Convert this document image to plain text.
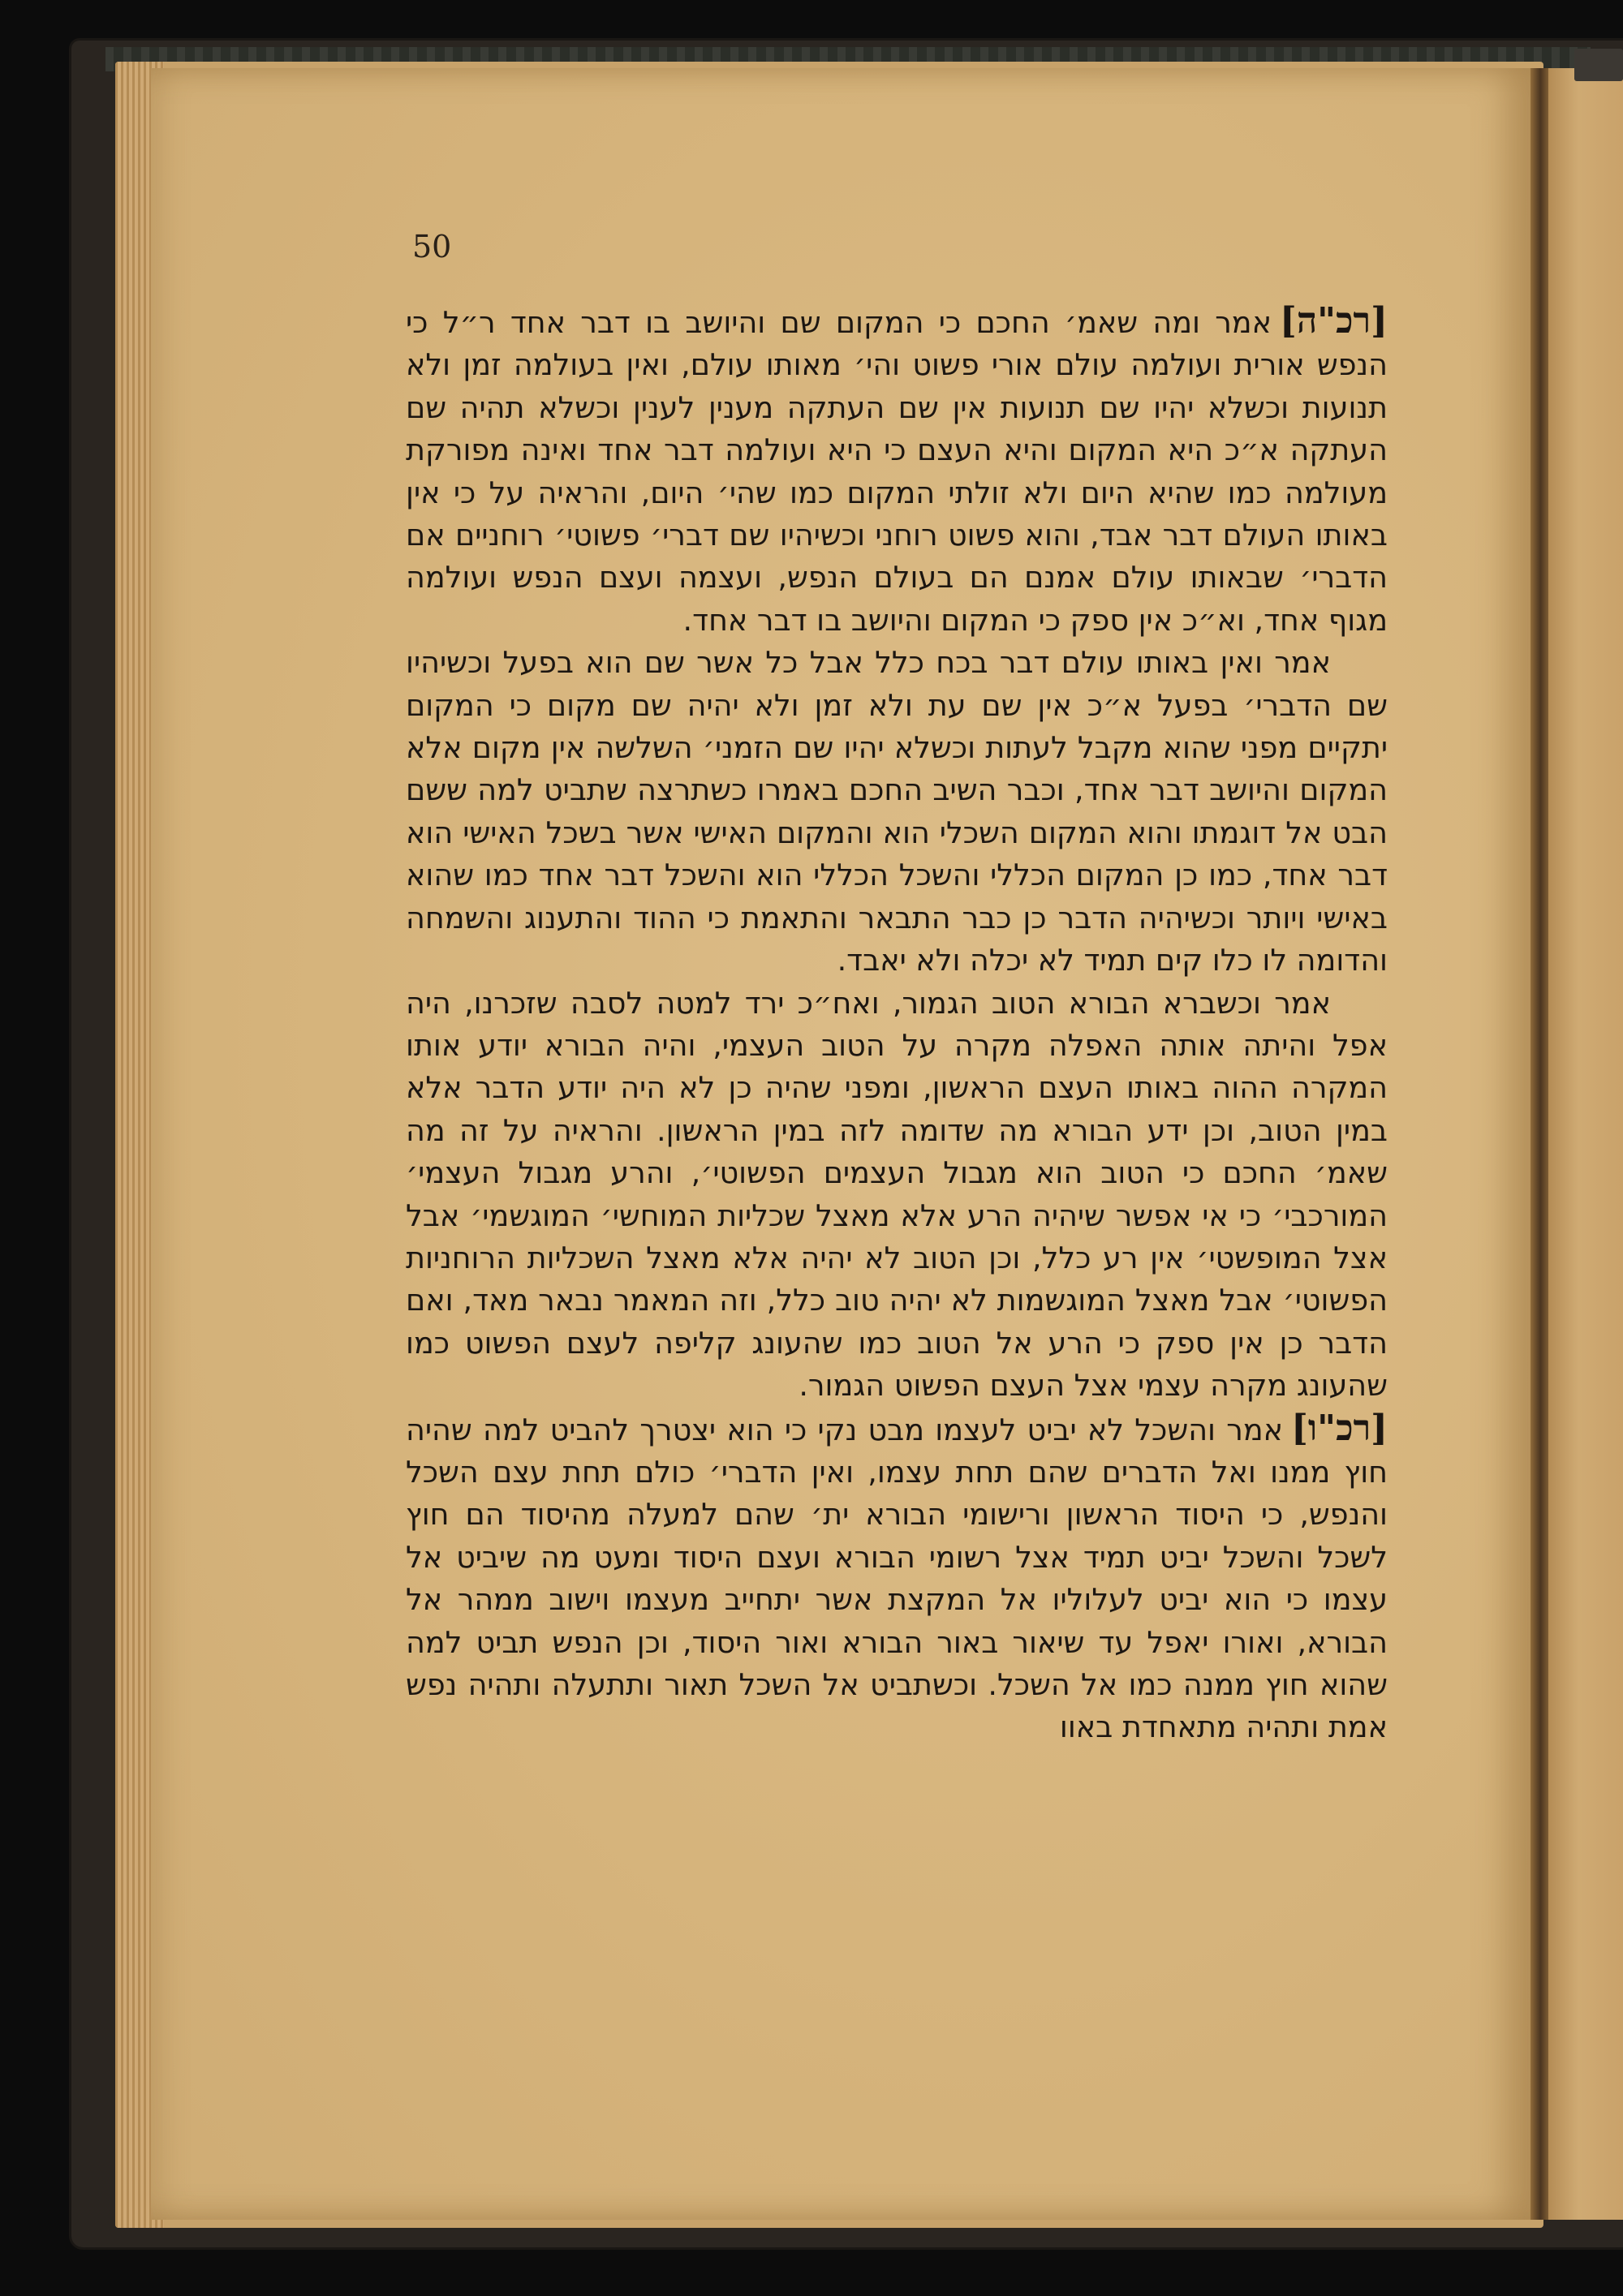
50

[רכ"ה]אמר ומה שאמ׳ החכם כי המקום שם והיושב בו דבר אחד ר״ל כי הנפש אורית ועולמה עולם אורי פשוט והי׳ מאותו עולם, ואין בעולמה זמן ולא תנועות וכשלא יהיו שם תנועות אין שם העתקה מענין לענין וכשלא תהיה שם העתקה א״כ היא המקום והיא העצם כי היא ועולמה דבר אחד ואינה מפורקת מעולמה כמו שהיא היום ולא זולתי המקום כמו שהי׳ היום, והראיה על כי אין באותו העולם דבר אבד, והוא פשוט רוחני וכשיהיו שם דברי׳ פשוטי׳ רוחניים אם הדברי׳ שבאותו עולם אמנם הם בעולם הנפש, ועצמה ועצם הנפש ועולמה מגוף אחד, וא״כ אין ספק כי המקום והיושב בו דבר אחד.

אמר ואין באותו עולם דבר בכח כלל אבל כל אשר שם הוא בפעל וכשיהיו שם הדברי׳ בפעל א״כ אין שם עת ולא זמן ולא יהיה שם מקום כי המקום יתקיים מפני שהוא מקבל לעתות וכשלא יהיו שם הזמני׳ השלשה אין מקום אלא המקום והיושב דבר אחד, וכבר השיב החכם באמרו כשתרצה שתביט למה ששם הבט אל דוגמתו והוא המקום השכלי הוא והמקום האישי אשר בשכל האישי הוא דבר אחד, כמו כן המקום הכללי והשכל הכללי הוא והשכל דבר אחד כמו שהוא באישי ויותר וכשיהיה הדבר כן כבר התבאר והתאמת כי ההוד והתענוג והשמחה והדומה לו כלו קים תמיד לא יכלה ולא יאבד.

אמר וכשברא הבורא הטוב הגמור, ואח״כ ירד למטה לסבה שזכרנו, היה אפל והיתה אותה האפלה מקרה על הטוב העצמי, והיה הבורא יודע אותו המקרה ההוה באותו העצם הראשון, ומפני שהיה כן לא היה יודע הדבר אלא במין הטוב, וכן ידע הבורא מה שדומה לזה במין הראשון. והראיה על זה מה שאמ׳ החכם כי הטוב הוא מגבול העצמים הפשוטי׳, והרע מגבול העצמי׳ המורכבי׳ כי אי אפשר שיהיה הרע אלא מאצל שכליות המוחשי׳ המוגשמי׳ אבל אצל המופשטי׳ אין רע כלל, וכן הטוב לא יהיה אלא מאצל השכליות הרוחניות הפשוטי׳ אבל מאצל המוגשמות לא יהיה טוב כלל, וזה המאמר נבאר מאד, ואם הדבר כן אין ספק כי הרע אל הטוב כמו שהעונג קליפה לעצם הפשוט כמו שהעונג מקרה עצמי אצל העצם הפשוט הגמור.

[רכ"ו]אמר והשכל לא יביט לעצמו מבט נקי כי הוא יצטרך להביט למה שהיה חוץ ממנו ואל הדברים שהם תחת עצמו, ואין הדברי׳ כולם תחת עצם השכל והנפש, כי היסוד הראשון ורישומי הבורא ית׳ שהם למעלה מהיסוד הם חוץ לשכל והשכל יביט תמיד אצל רשומי הבורא ועצם היסוד ומעט מה שיביט אל עצמו כי הוא יביט לעלוליו אל המקצת אשר יתחייב מעצמו וישוב ממהר אל הבורא, ואורו יאפל עד שיאור באור הבורא ואור היסוד, וכן הנפש תביט למה שהוא חוץ ממנה כמו אל השכל. וכשתביט אל השכל תאור ותתעלה ותהיה נפש אמת ותהיה מתאחדת באוו
